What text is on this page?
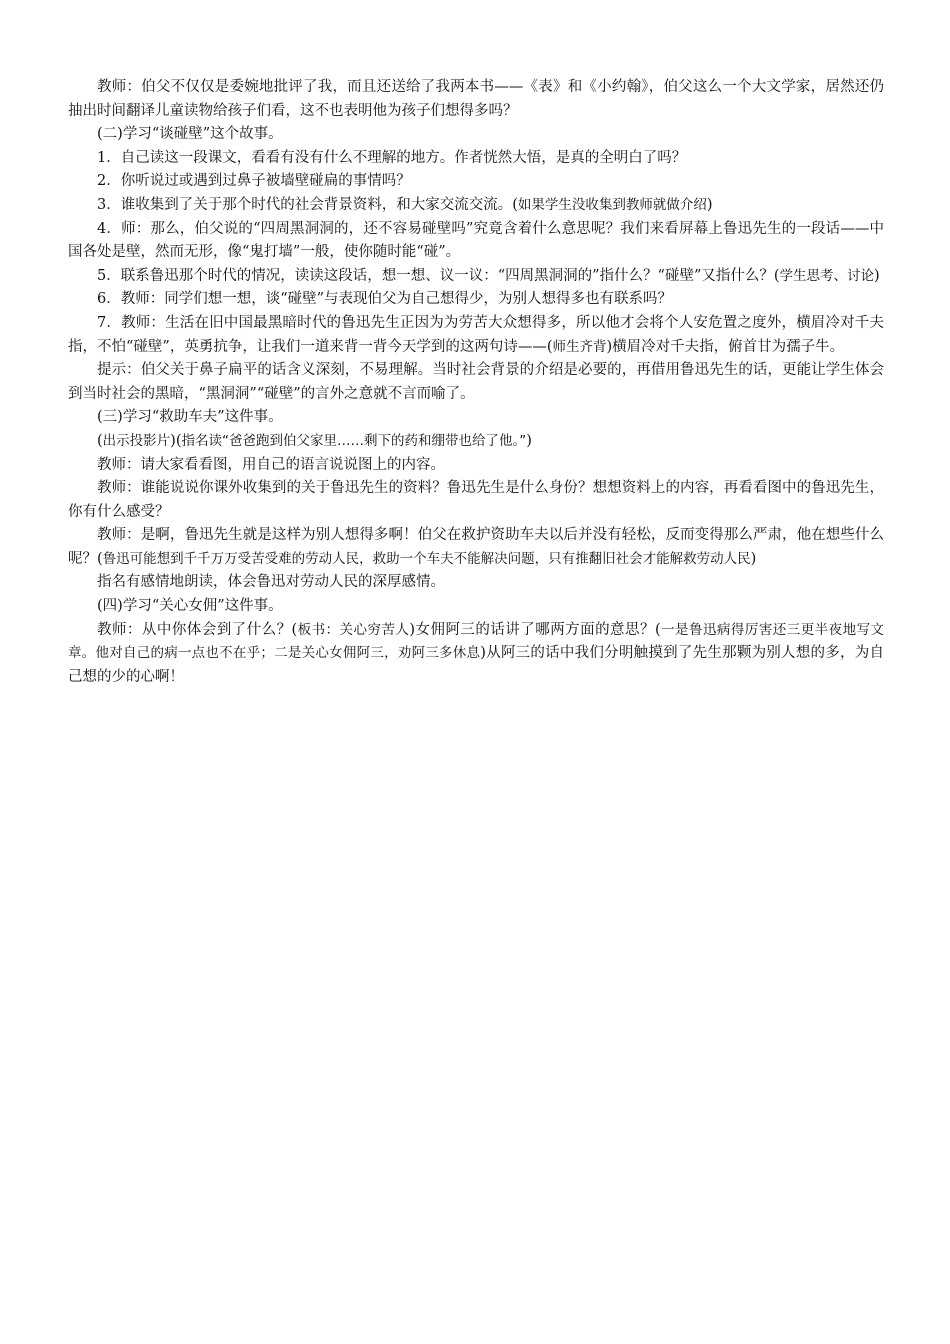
教师：伯父不仅仅是委婉地批评了我，而且还送给了我两本书——《表》和《小约翰》，伯父这么一个大文学家，居然还仍抽出时间翻译儿童读物给孩子们看，这不也表明他为孩子们想得多吗？

(二)学习“谈碰壁”这个故事。

1．自己读这一段课文，看看有没有什么不理解的地方。作者恍然大悟，是真的全明白了吗？

2．你听说过或遇到过鼻子被墙壁碰扁的事情吗？

3．谁收集到了关于那个时代的社会背景资料，和大家交流交流。(如果学生没收集到教师就做介绍)

4．师：那么，伯父说的“四周黑洞洞的，还不容易碰壁吗”究竟含着什么意思呢？我们来看屏幕上鲁迅先生的一段话——中国各处是壁，然而无形，像“鬼打墙”一般，使你随时能“碰”。

5．联系鲁迅那个时代的情况，读读这段话，想一想、议一议：“四周黑洞洞的”指什么？“碰壁”又指什么？(学生思考、讨论)

6．教师：同学们想一想，谈“碰壁”与表现伯父为自己想得少，为别人想得多也有联系吗？

7．教师：生活在旧中国最黑暗时代的鲁迅先生正因为为劳苦大众想得多，所以他才会将个人安危置之度外，横眉冷对千夫指，不怕“碰壁”，英勇抗争，让我们一道来背一背今天学到的这两句诗——(师生齐背)横眉冷对千夫指，俯首甘为孺子牛。

提示：伯父关于鼻子扁平的话含义深刻，不易理解。当时社会背景的介绍是必要的，再借用鲁迅先生的话，更能让学生体会到当时社会的黑暗，“黑洞洞”“碰壁”的言外之意就不言而喻了。

(三)学习“救助车夫”这件事。

(出示投影片)(指名读“爸爸跑到伯父家里……剩下的药和绷带也给了他。”)

教师：请大家看看图，用自己的语言说说图上的内容。

教师：谁能说说你课外收集到的关于鲁迅先生的资料？鲁迅先生是什么身份？想想资料上的内容，再看看图中的鲁迅先生，你有什么感受？

教师：是啊，鲁迅先生就是这样为别人想得多啊！伯父在救护资助车夫以后并没有轻松，反而变得那么严肃，他在想些什么呢？(鲁迅可能想到千千万万受苦受难的劳动人民，救助一个车夫不能解决问题，只有推翻旧社会才能解救劳动人民)

指名有感情地朗读，体会鲁迅对劳动人民的深厚感情。

(四)学习“关心女佣”这件事。

教师：从中你体会到了什么？(板书：关心穷苦人)女佣阿三的话讲了哪两方面的意思？(一是鲁迅病得厉害还三更半夜地写文章。他对自己的病一点也不在乎；二是关心女佣阿三，劝阿三多休息)从阿三的话中我们分明触摸到了先生那颗为别人想的多，为自己想的少的心啊！
